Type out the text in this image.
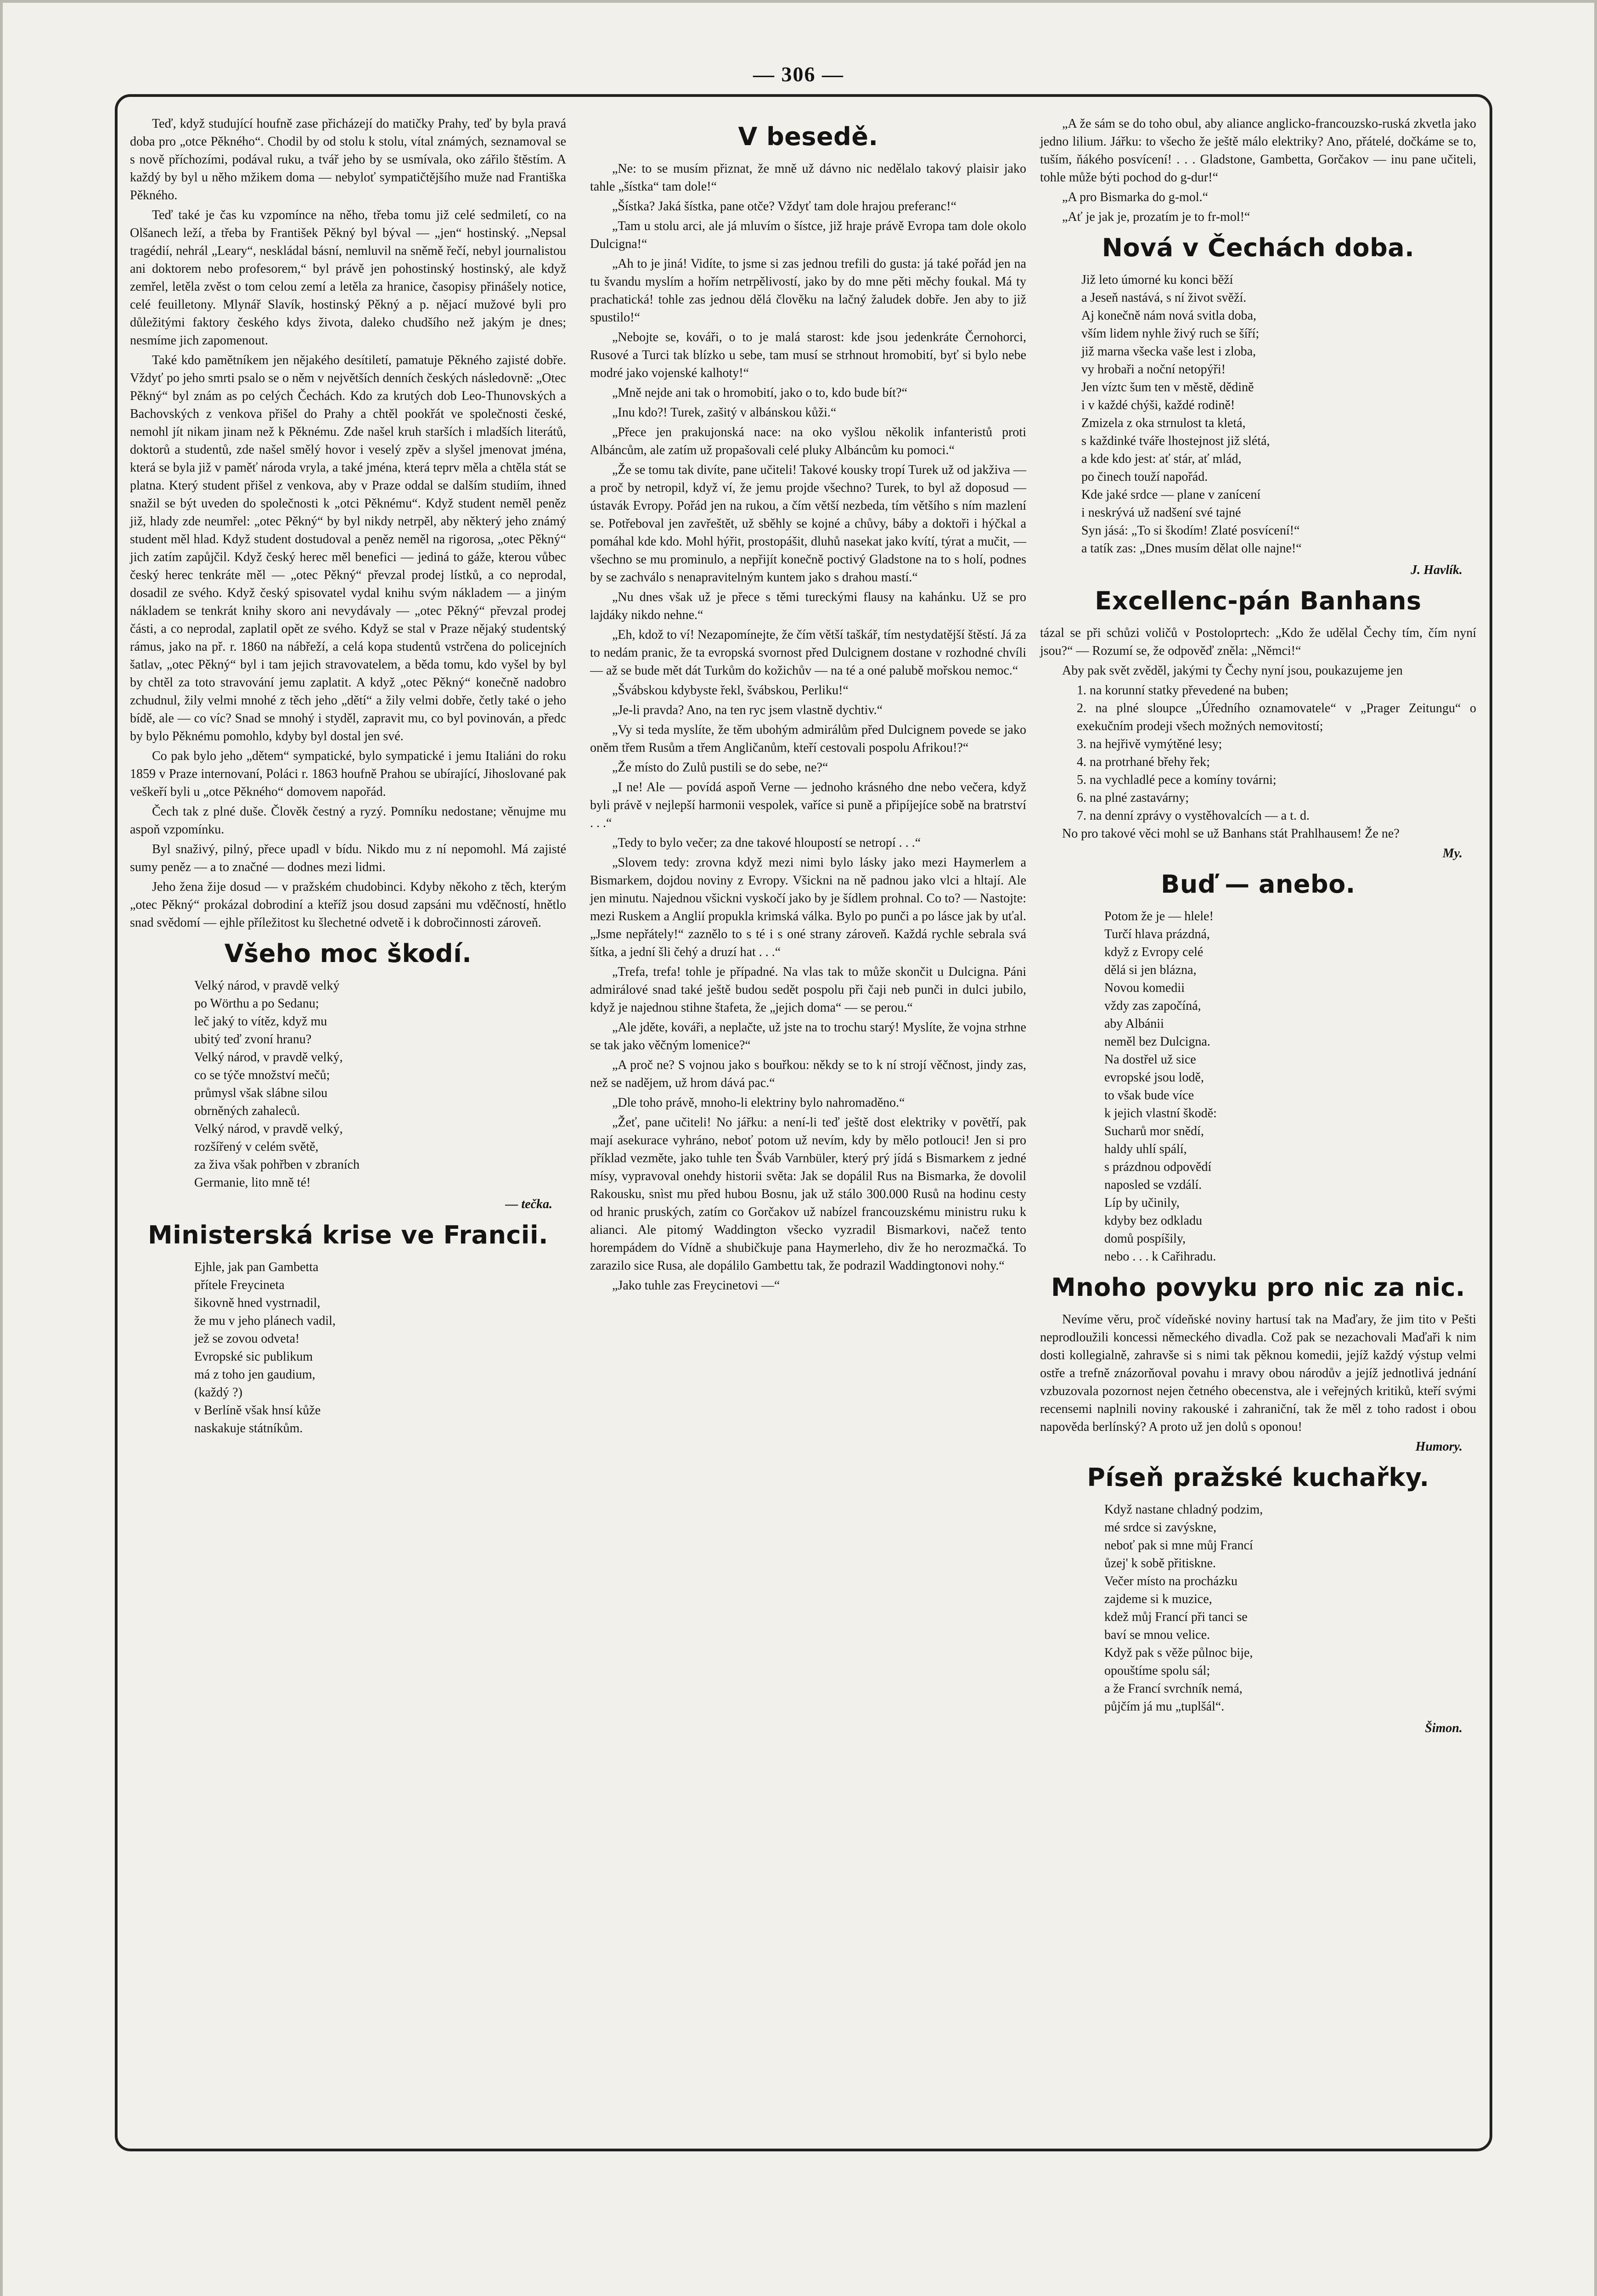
— 306 —

Teď, když studující houfně zase přicházejí do matičky Prahy, teď by byla pravá doba pro „otce Pěkného“. Chodil by od stolu k stolu, vítal známých, seznamoval se s nově příchozími, podával ruku, a tvář jeho by se usmívala, oko zářilo štěstím. A každý by byl u něho mžikem doma — nebyloť sympatičtějšího muže nad Františka Pěkného.

Teď také je čas ku vzpomínce na něho, třeba tomu již celé sedmiletí, co na Olšanech leží, a třeba by František Pěkný byl býval — „jen“ hostinský. „Nepsal tragédií, nehrál „Leary“, neskládal básní, nemluvil na sněmě řečí, nebyl journalistou ani doktorem nebo profesorem,“ byl právě jen pohostinský hostinský, ale když zemřel, letěla zvěst o tom celou zemí a letěla za hranice, časopisy přinášely notice, celé feuilletony. Mlynář Slavík, hostinský Pěkný a p. nějací mužové byli pro důležitými faktory českého kdys života, daleko chudšího než jakým je dnes; nesmíme jich zapomenout.

Také kdo pamětníkem jen nějakého desítiletí, pamatuje Pěkného zajisté dobře. Vždyť po jeho smrti psalo se o něm v největších denních českých následovně: „Otec Pěkný“ byl znám as po celých Čechách. Kdo za krutých dob Leo-Thunovských a Bachovských z venkova přišel do Prahy a chtěl pookřát ve společnosti české, nemohl jít nikam jinam než k Pěknému. Zde našel kruh starších i mladších literátů, doktorů a studentů, zde našel smělý hovor i veselý zpěv a slyšel jmenovat jména, která se byla již v paměť národa vryla, a také jména, která teprv měla a chtěla stát se platna. Který student přišel z venkova, aby v Praze oddal se dalším studiím, ihned snažil se být uveden do společnosti k „otci Pěknému“. Když student neměl peněz již, hlady zde neumřel: „otec Pěkný“ by byl nikdy netrpěl, aby některý jeho známý student měl hlad. Když student dostudoval a peněz neměl na rigorosa, „otec Pěkný“ jich zatím zapůjčil. Když český herec měl benefici — jediná to gáže, kterou vůbec český herec tenkráte měl — „otec Pěkný“ převzal prodej lístků, a co neprodal, dosadil ze svého. Když český spisovatel vydal knihu svým nákladem — a jiným nákladem se tenkrát knihy skoro ani nevydávaly — „otec Pěkný“ převzal prodej části, a co neprodal, zaplatil opět ze svého. Když se stal v Praze nějaký studentský rámus, jako na př. r. 1860 na nábřeží, a celá kopa studentů vstrčena do policejních šatlav, „otec Pěkný“ byl i tam jejich stravovatelem, a běda tomu, kdo vyšel by byl by chtěl za toto stravování jemu zaplatit. A když „otec Pěkný“ konečně nadobro zchudnul, žily velmi mnohé z těch jeho „dětí“ a žily velmi dobře, četly také o jeho bídě, ale — co víc? Snad se mnohý i styděl, zapravit mu, co byl povinován, a předc by bylo Pěknému pomohlo, kdyby byl dostal jen své.

Co pak bylo jeho „dětem“ sympatické, bylo sympatické i jemu Italiáni do roku 1859 v Praze internovaní, Poláci r. 1863 houfně Prahou se ubírající, Jihoslované pak veškeří byli u „otce Pěkného“ domovem napořád.

Čech tak z plné duše. Člověk čestný a ryzý. Pomníku nedostane; věnujme mu aspoň vzpomínku.

Byl snaživý, pilný, přece upadl v bídu. Nikdo mu z ní nepomohl. Má zajisté sumy peněz — a to značné — dodnes mezi lidmi.

Jeho žena žije dosud — v pražském chudobinci. Kdyby někoho z těch, kterým „otec Pěkný“ prokázal dobrodiní a kteříž jsou dosud zapsáni mu vděčností, hnětlo snad svědomí — ejhle příležitost ku šlechetné odvetě i k dobročinnosti zároveň.

Všeho moc škodí.
Velký národ, v pravdě velký
po Wörthu a po Sedanu;
leč jaký to vítěz, když mu
ubitý teď zvoní hranu?
Velký národ, v pravdě velký,
co se týče množství mečů;
průmysl však slábne silou
obrněných zahaleců.
Velký národ, v pravdě velký,
rozšířený v celém světě,
za živa však pohřben v zbraních
Germanie, lito mně té!
— tečka.
Ministerská krise ve Francii.
Ejhle, jak pan Gambetta
přítele Freycineta
šikovně hned vystrnadil,
že mu v jeho plánech vadil,
jež se zovou odveta!
Evropské sic publikum
má z toho jen gaudium,
(každý ?)
v Berlíně však hnsí kůže
naskakuje státníkům.
V besedě.

„Ne: to se musím přiznat, že mně už dávno nic nedělalo takový plaisir jako tahle „šístka“ tam dole!“

„Šístka? Jaká šístka, pane otče? Vždyť tam dole hrajou preferanc!“

„Tam u stolu arci, ale já mluvím o šístce, již hraje právě Evropa tam dole okolo Dulcigna!“

„Ah to je jiná! Vidíte, to jsme si zas jednou trefili do gusta: já také pořád jen na tu švandu myslím a hořím netrpělivostí, jako by do mne pěti měchy foukal. Má ty prachatická! tohle zas jednou dělá člověku na lačný žaludek dobře. Jen aby to již spustilo!“

„Nebojte se, kováři, o to je malá starost: kde jsou jedenkráte Černohorci, Rusové a Turci tak blízko u sebe, tam musí se strhnout hromobití, byť si bylo nebe modré jako vojenské kalhoty!“

„Mně nejde ani tak o hromobití, jako o to, kdo bude bít?“

„Inu kdo?! Turek, zašitý v albánskou kůži.“

„Přece jen prakujonská nace: na oko vyšlou několik infanteristů proti Albáncům, ale zatím už propašovali celé pluky Albáncům ku pomoci.“

„Že se tomu tak divíte, pane učiteli! Takové kousky tropí Turek už od jakživa — a proč by netropil, když ví, že jemu projde všechno? Turek, to byl až doposud — ústavák Evropy. Pořád jen na rukou, a čím větší nezbeda, tím většího s ním mazlení se. Potřeboval jen zavřeštět, už sběhly se kojné a chůvy, báby a doktoři i hýčkal a pomáhal kde kdo. Mohl hýřit, prostopášit, dluhů nasekat jako kvítí, týrat a mučit, — všechno se mu prominulo, a nepřijít konečně poctivý Gladstone na to s holí, podnes by se zachválo s nenapravitelným kuntem jako s drahou mastí.“

„Nu dnes však už je přece s těmi tureckými flausy na kahánku. Už se pro lajdáky nikdo nehne.“

„Eh, kdož to ví! Nezapomínejte, že čím větší taškář, tím nestydatější štěstí. Já za to nedám pranic, že ta evropská svornost před Dulcignem dostane v rozhodné chvíli — až se bude mět dát Turkům do kožichův — na té a oné palubě mořskou nemoc.“

„Švábskou kdybyste řekl, švábskou, Perliku!“

„Je-li pravda? Ano, na ten ryc jsem vlastně dychtiv.“

„Vy si teda myslíte, že těm ubohým admirálům před Dulcignem povede se jako oněm třem Rusům a třem Angličanům, kteří cestovali pospolu Afrikou!?“

„Že místo do Zulů pustili se do sebe, ne?“

„I ne! Ale — povídá aspoň Verne — jednoho krásného dne nebo večera, když byli právě v nejlepší harmonii vespolek, vaříce si puně a připíjejíce sobě na bratrství . . .“

„Tedy to bylo večer; za dne takové hloupostí se netropí . . .“

„Slovem tedy: zrovna když mezi nimi bylo lásky jako mezi Haymerlem a Bismarkem, dojdou noviny z Evropy. Všickni na ně padnou jako vlci a hltají. Ale jen minutu. Najednou všickni vyskočí jako by je šídlem prohnal. Co to? — Nastojte: mezi Ruskem a Anglií propukla krimská válka. Bylo po punči a po lásce jak by uťal. „Jsme nepřátely!“ zaznělo to s té i s oné strany zároveň. Každá rychle sebrala svá šítka, a jední šli čehý a druzí hat . . .“

„Trefa, trefa! tohle je případné. Na vlas tak to může skončit u Dulcigna. Páni admirálové snad také ještě budou sedět pospolu při čaji neb punči in dulci jubilo, když je najednou stihne štafeta, že „jejich doma“ — se perou.“

„Ale jděte, kováři, a neplačte, už jste na to trochu starý! Myslíte, že vojna strhne se tak jako věčným lomenice?“

„A proč ne? S vojnou jako s bouřkou: někdy se to k ní strojí věčnost, jindy zas, než se nadějem, už hrom dává pac.“

„Dle toho právě, mnoho-li elektriny bylo nahromaděno.“

„Žeť, pane učiteli! No jářku: a není-li teď ještě dost elektriky v povětří, pak mají asekurace vyhráno, neboť potom už nevím, kdy by mělo potlouci! Jen si pro příklad vezměte, jako tuhle ten Šváb Varnbüler, který prý jídá s Bismarkem z jedné mísy, vypravoval onehdy historii světa: Jak se dopálil Rus na Bismarka, že dovolil Rakousku, snìst mu před hubou Bosnu, jak už stálo 300.000 Rusů na hodinu cesty od hranic pruských, zatím co Gorčakov už nabízel francouzskému ministru ruku k alianci. Ale pitomý Waddington všecko vyzradil Bismarkovi, načež tento horempádem do Vídně a shubičkuje pana Haymerleho, div že ho nerozmačká. To zarazilo sice Rusa, ale dopálilo Gambettu tak, že podrazil Waddingtonovi nohy.“

„Jako tuhle zas Freycinetovi —“

„A že sám se do toho obul, aby aliance anglicko-francouzsko-ruská zkvetla jako jedno lilium. Jářku: to všecho že ještě málo elektriky? Ano, přátelé, dočkáme se to, tuším, ňákého posvícení! . . . Gladstone, Gambetta, Gorčakov — inu pane učiteli, tohle může býti pochod do g-dur!“

„A pro Bismarka do g-mol.“

„Ať je jak je, prozatím je to fr-mol!“

Nová v Čechách doba.
Již leto úmorné ku konci běží
a Jeseň nastává, s ní život svěží.
Aj konečně nám nová svitla doba,
vším lidem nyhle živý ruch se šíří;
již marna všecka vaše lest i zloba,
vy hrobaři a noční netopýři!
Jen víztc šum ten v městě, dědině
i v každé chýši, každé rodině!
Zmizela z oka strnulost ta kletá,
s každinké tváře lhostejnost již slétá,
a kde kdo jest: ať stár, ať mlád,
po činech touží napořád.
Kde jaké srdce — plane v zanícení
i neskrývá už nadšení své tajné
Syn jásá: „To si škodím! Zlaté posvícení!“
a tatík zas: „Dnes musím dělat olle najne!“
J. Havlík.
Excellenc-pán Banhans

tázal se při schůzi voličů v Postoloprtech: „Kdo že udělal Čechy tím, čím nyní jsou?“ — Rozumí se, že odpověď zněla: „Němci!“

Aby pak svět zvěděl, jakými ty Čechy nyní jsou, poukazujeme jen

1. na korunní statky převedené na buben;
2. na plné sloupce „Úředního oznamovatele“ v „Prager Zeitungu“ o exekučním prodeji všech možných nemovitostí;
3. na hejřivě vymýtěné lesy;
4. na protrhané břehy řek;
5. na vychladlé pece a komíny továrni;
6. na plné zastavárny;
7. na denní zprávy o vystěhovalcích — a t. d.

No pro takové věci mohl se už Banhans stát Prahlhausem! Že ne?

My.
Buď — anebo.
Potom že je — hlele!
Turčí hlava prázdná,
když z Evropy celé
dělá si jen blázna,
Novou komedii
vždy zas započíná,
aby Albánii
neměl bez Dulcigna.
Na dostřel už sice
evropské jsou lodě,
to však bude více
k jejich vlastní škodě:
Sucharů mor snědí,
haldy uhlí spálí,
s prázdnou odpovědí
naposled se vzdálí.
Líp by učinily,
kdyby bez odkladu
domů pospíšily,
nebo . . . k Cařihradu.
Mnoho povyku pro nic za nic.

Nevíme věru, proč vídeňské noviny hartusí tak na Maďary, že jim tito v Pešti neprodloužili koncessi německého divadla. Což pak se nezachovali Maďaři k nim dosti kollegialně, zahravše si s nimi tak pěknou komedii, jejíž každý výstup velmi ostře a trefně znázorňoval povahu i mravy obou národův a jejíž jednotlivá jednání vzbuzovala pozornost nejen četného obecenstva, ale i veřejných kritiků, kteří svými recensemi naplnili noviny rakouské i zahraniční, tak že měl z toho radost i obou napověda berlínský? A proto už jen dolů s oponou!

Humory.
Píseň pražské kuchařky.
Když nastane chladný podzim,
mé srdce si zavýskne,
neboť pak si mne můj Francí
ůzej' k sobě přitiskne.
Večer místo na procházku
zajdeme si k muzice,
kdež můj Francí při tanci se
baví se mnou velice.
Když pak s věže půlnoc bije,
opouštíme spolu sál;
a že Francí svrchník nemá,
půjčím já mu „tuplšál“.
Šimon.
